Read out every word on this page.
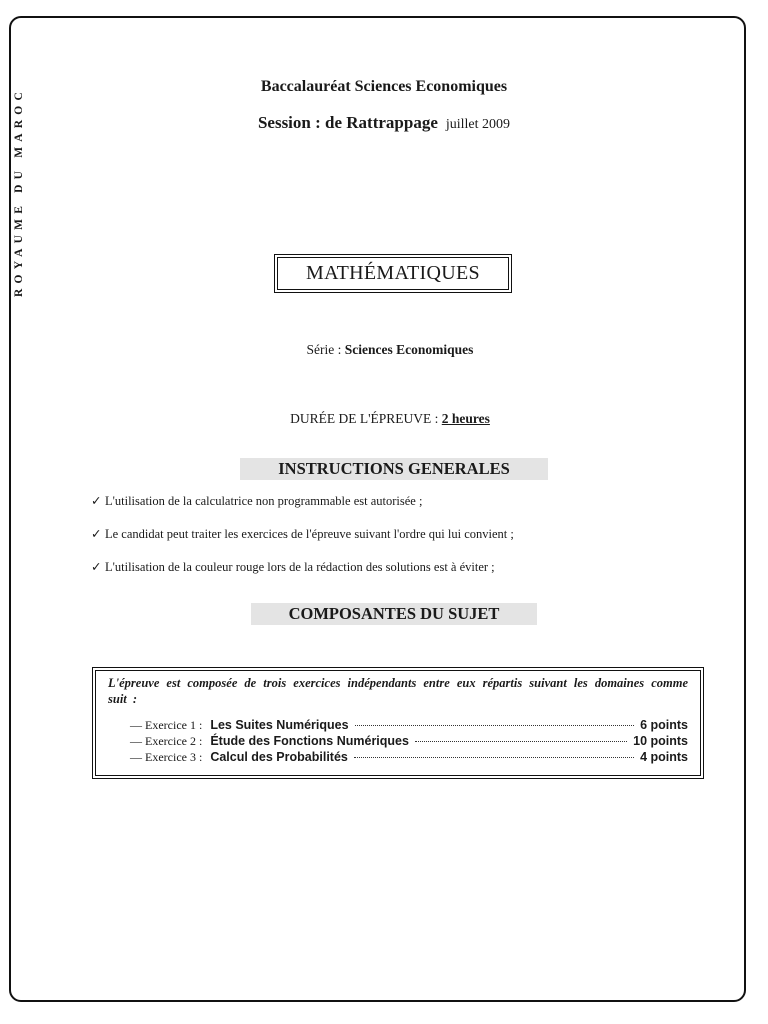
ROYAUME DU MAROC
Baccalauréat Sciences Economiques
Session : de Rattrappage juillet 2009
MATHÉMATIQUES
Série : Sciences Economiques
DURÉE DE L'ÉPREUVE : 2 heures
INSTRUCTIONS GENERALES
✓ L'utilisation de la calculatrice non programmable est autorisée ;
✓ Le candidat peut traiter les exercices de l'épreuve suivant l'ordre qui lui convient ;
✓ L'utilisation de la couleur rouge lors de la rédaction des solutions est à éviter ;
COMPOSANTES DU SUJET

L'épreuve est composée de trois exercices indépendants entre eux répartis suivant les domaines comme suit :

— Exercice 1 : Les Suites Numériques	6 points
— Exercice 2 : Étude des Fonctions Numériques	10 points
— Exercice 3 : Calcul des Probabilités	4 points
